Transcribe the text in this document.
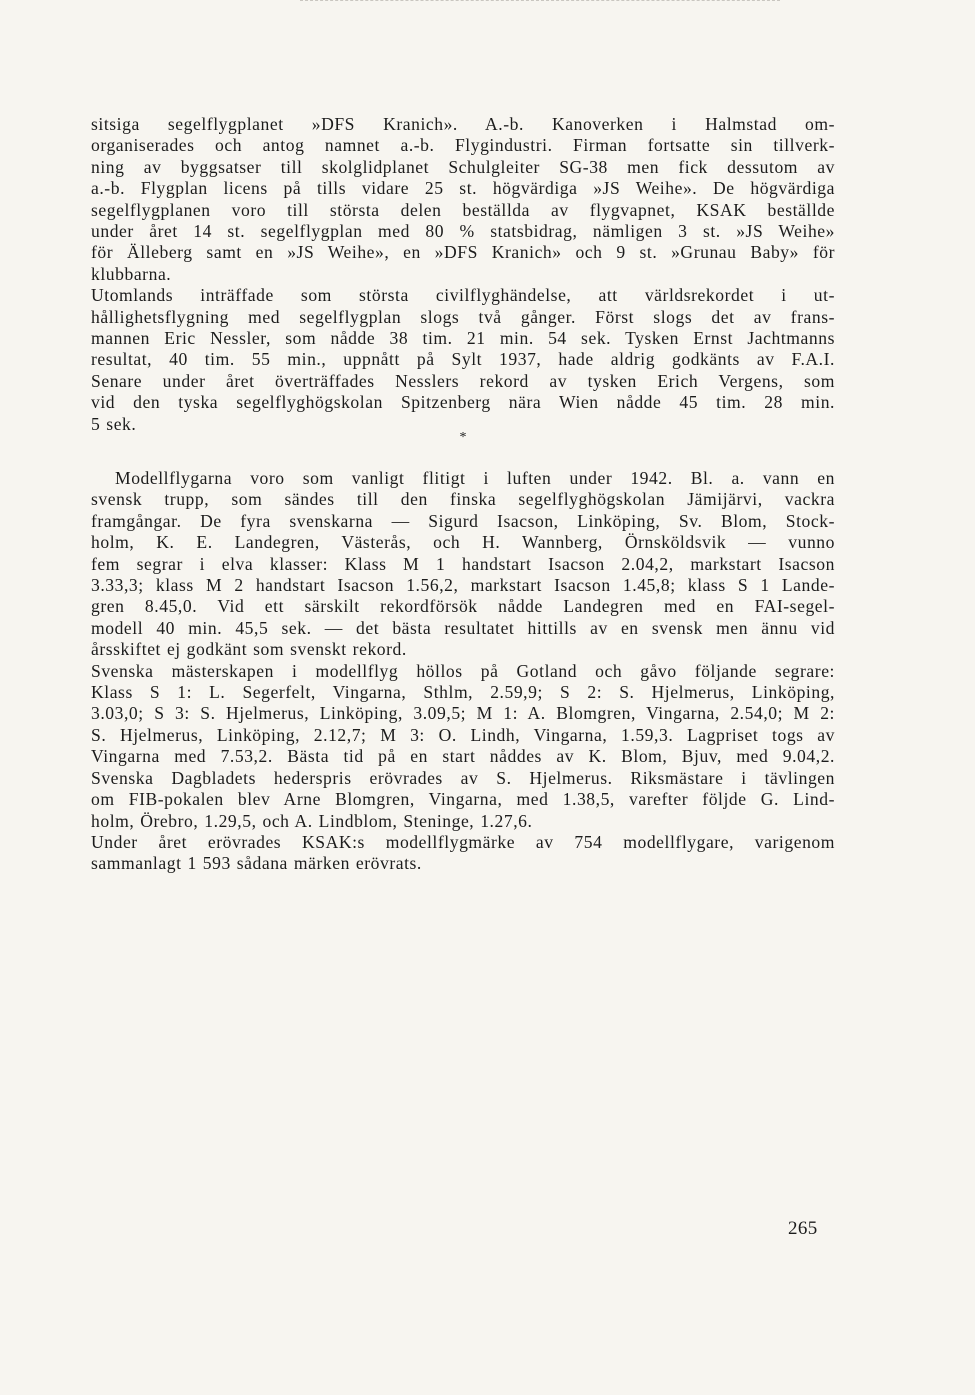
sitsiga segelflygplanet »DFS Kranich». A.-b. Kanoverken i Halmstad om-
organiserades och antog namnet a.-b. Flygindustri. Firman fortsatte sin tillverk-
ning av byggsatser till skolglidplanet Schulgleiter SG-38 men fick dessutom av
a.-b. Flygplan licens på tills vidare 25 st. högvärdiga »JS Weihe». De högvärdiga
segelflygplanen voro till största delen beställda av flygvapnet, KSAK beställde
under året 14 st. segelflygplan med 80 % statsbidrag, nämligen 3 st. »JS Weihe»
för Älleberg samt en »JS Weihe», en »DFS Kranich» och 9 st. »Grunau Baby» för
klubbarna.

Utomlands inträffade som största civilflyghändelse, att världsrekordet i ut-
hållighetsflygning med segelflygplan slogs två gånger. Först slogs det av frans-
mannen Eric Nessler, som nådde 38 tim. 21 min. 54 sek. Tysken Ernst Jachtmanns
resultat, 40 tim. 55 min., uppnått på Sylt 1937, hade aldrig godkänts av F.A.I.
Senare under året överträffades Nesslers rekord av tysken Erich Vergens, som
vid den tyska segelflyghögskolan Spitzenberg nära Wien nådde 45 tim. 28 min.
5 sek.

*

Modellflygarna voro som vanligt flitigt i luften under 1942. Bl. a. vann en
svensk trupp, som sändes till den finska segelflyghögskolan Jämijärvi, vackra
framgångar. De fyra svenskarna — Sigurd Isacson, Linköping, Sv. Blom, Stock-
holm, K. E. Landegren, Västerås, och H. Wannberg, Örnsköldsvik — vunno
fem segrar i elva klasser: Klass M 1 handstart Isacson 2.04,2, markstart Isacson
3.33,3; klass M 2 handstart Isacson 1.56,2, markstart Isacson 1.45,8; klass S 1 Lande-
gren 8.45,0. Vid ett särskilt rekordförsök nådde Landegren med en FAI-segel-
modell 40 min. 45,5 sek. — det bästa resultatet hittills av en svensk men ännu vid
årsskiftet ej godkänt som svenskt rekord.

Svenska mästerskapen i modellflyg höllos på Gotland och gåvo följande segrare:
Klass S 1: L. Segerfelt, Vingarna, Sthlm, 2.59,9; S 2: S. Hjelmerus, Linköping,
3.03,0; S 3: S. Hjelmerus, Linköping, 3.09,5; M 1: A. Blomgren, Vingarna, 2.54,0; M 2:
S. Hjelmerus, Linköping, 2.12,7; M 3: O. Lindh, Vingarna, 1.59,3. Lagpriset togs av
Vingarna med 7.53,2. Bästa tid på en start nåddes av K. Blom, Bjuv, med 9.04,2.
Svenska Dagbladets hederspris erövrades av S. Hjelmerus. Riksmästare i tävlingen
om FIB-pokalen blev Arne Blomgren, Vingarna, med 1.38,5, varefter följde G. Lind-
holm, Örebro, 1.29,5, och A. Lindblom, Steninge, 1.27,6.

Under året erövrades KSAK:s modellflygmärke av 754 modellflygare, varigenom
sammanlagt 1 593 sådana märken erövrats.

265
